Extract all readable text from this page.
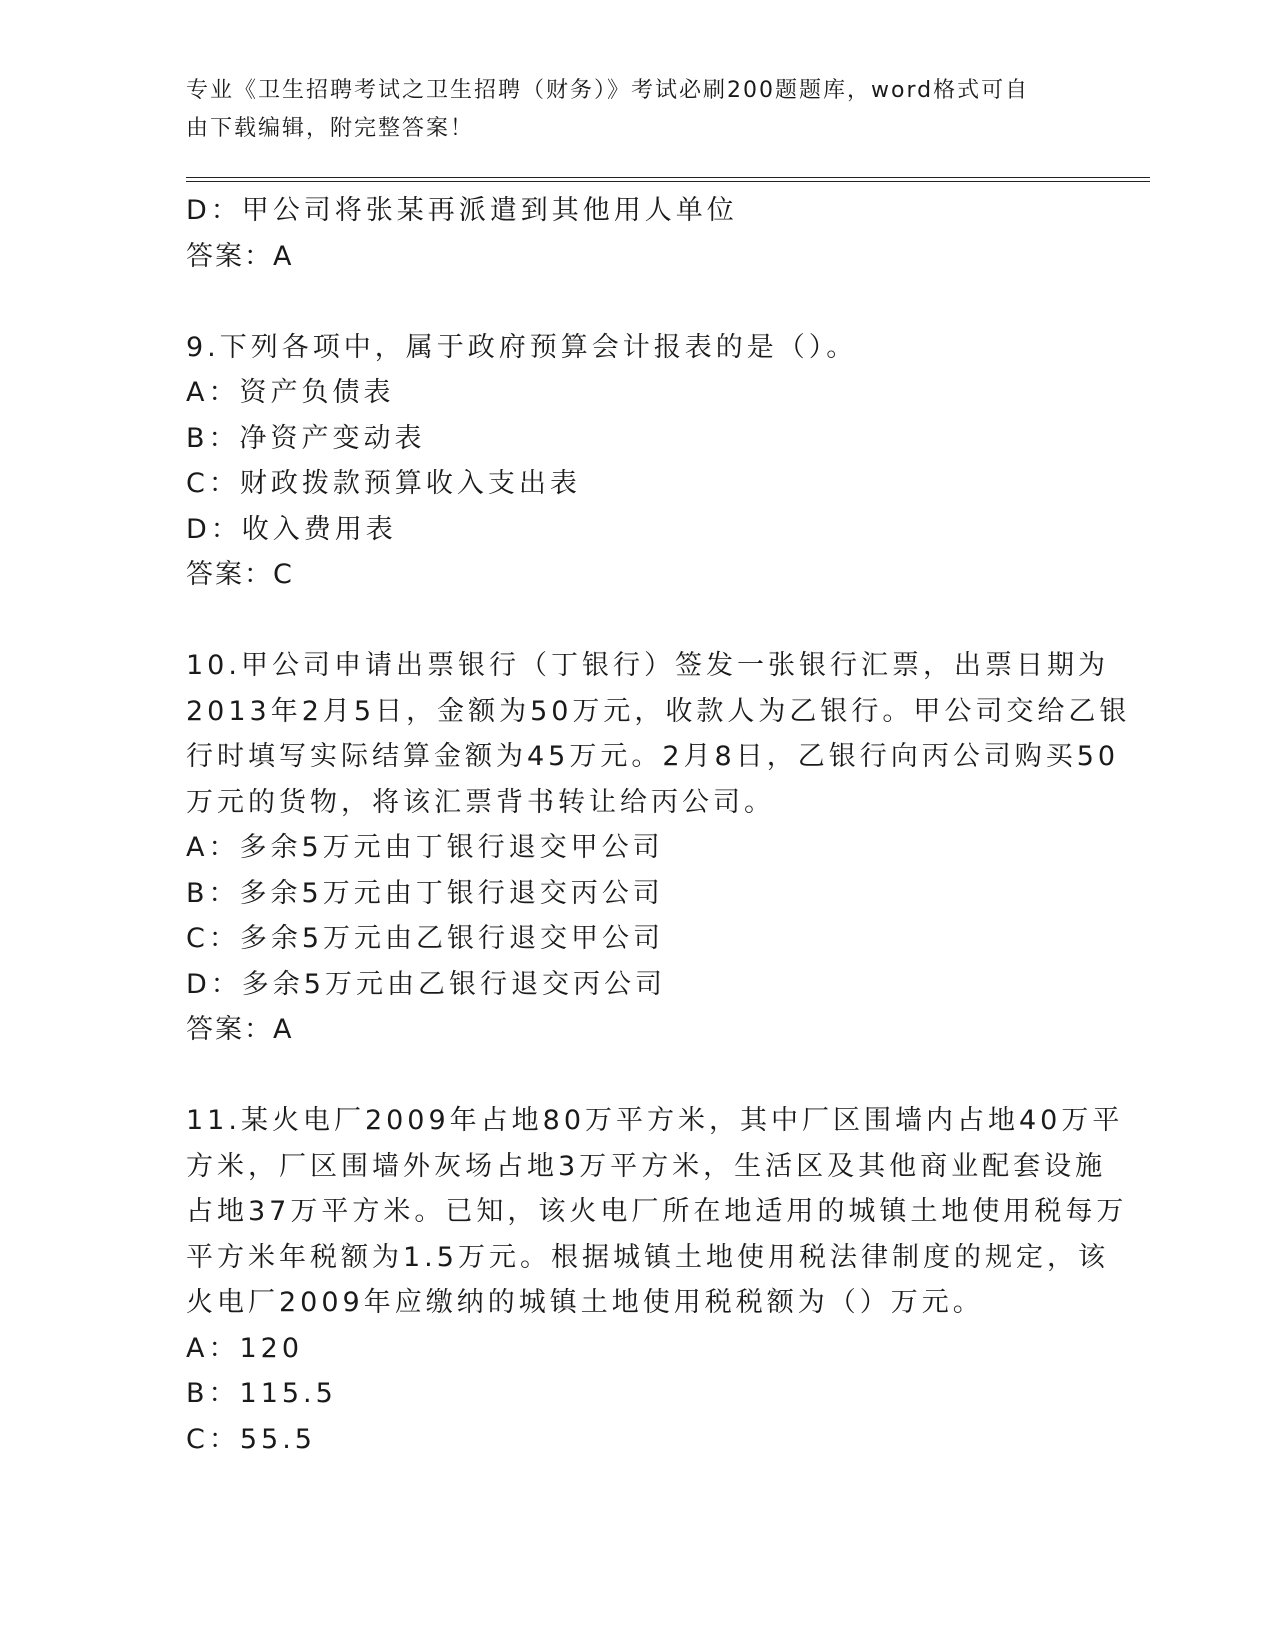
专业《卫生招聘考试之卫生招聘（财务）》考试必刷200题题库，word格式可自
由下载编辑，附完整答案！
D：甲公司将张某再派遣到其他用人单位
答案：A
9.下列各项中，属于政府预算会计报表的是（）。
A：资产负债表
B：净资产变动表
C：财政拨款预算收入支出表
D：收入费用表
答案：C
10.甲公司申请出票银行（丁银行）签发一张银行汇票，出票日期为
2013年2月5日，金额为50万元，收款人为乙银行。甲公司交给乙银
行时填写实际结算金额为45万元。2月8日，乙银行向丙公司购买50
万元的货物，将该汇票背书转让给丙公司。
A：多余5万元由丁银行退交甲公司
B：多余5万元由丁银行退交丙公司
C：多余5万元由乙银行退交甲公司
D：多余5万元由乙银行退交丙公司
答案：A
11.某火电厂2009年占地80万平方米，其中厂区围墙内占地40万平
方米，厂区围墙外灰场占地3万平方米，生活区及其他商业配套设施
占地37万平方米。已知，该火电厂所在地适用的城镇土地使用税每万
平方米年税额为1.5万元。根据城镇土地使用税法律制度的规定，该
火电厂2009年应缴纳的城镇土地使用税税额为（）万元。
A：120
B：115.5
C：55.5
